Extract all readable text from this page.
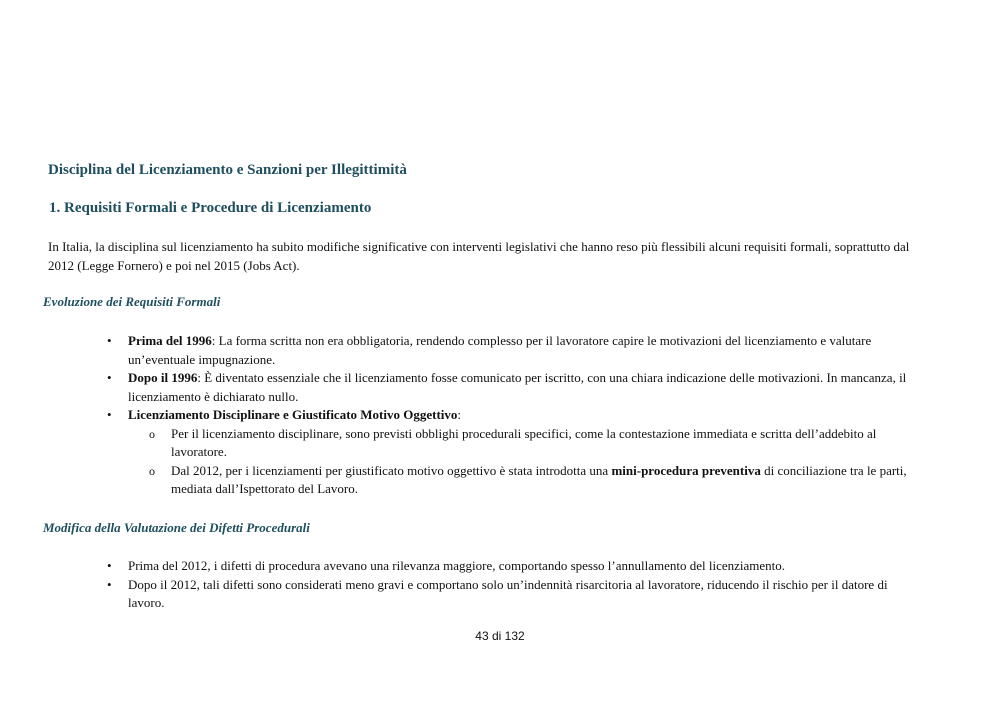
Disciplina del Licenziamento e Sanzioni per Illegittimità
1. Requisiti Formali e Procedure di Licenziamento

In Italia, la disciplina sul licenziamento ha subito modifiche significative con interventi legislativi che hanno reso più flessibili alcuni requisiti formali, soprattutto dal 2012 (Legge Fornero) e poi nel 2015 (Jobs Act).

Evoluzione dei Requisiti Formali
• Prima del 1996: La forma scritta non era obbligatoria, rendendo complesso per il lavoratore capire le motivazioni del licenziamento e valutare un’eventuale impugnazione.
• Dopo il 1996: È diventato essenziale che il licenziamento fosse comunicato per iscritto, con una chiara indicazione delle motivazioni. In mancanza, il licenziamento è dichiarato nullo.
• Licenziamento Disciplinare e Giustificato Motivo Oggettivo:
o Per il licenziamento disciplinare, sono previsti obblighi procedurali specifici, come la contestazione immediata e scritta dell’addebito al lavoratore.
o Dal 2012, per i licenziamenti per giustificato motivo oggettivo è stata introdotta una mini-procedura preventiva di conciliazione tra le parti, mediata dall’Ispettorato del Lavoro.
Modifica della Valutazione dei Difetti Procedurali
• Prima del 2012, i difetti di procedura avevano una rilevanza maggiore, comportando spesso l’annullamento del licenziamento.
• Dopo il 2012, tali difetti sono considerati meno gravi e comportano solo un’indennità risarcitoria al lavoratore, riducendo il rischio per il datore di lavoro.
43 di 132
